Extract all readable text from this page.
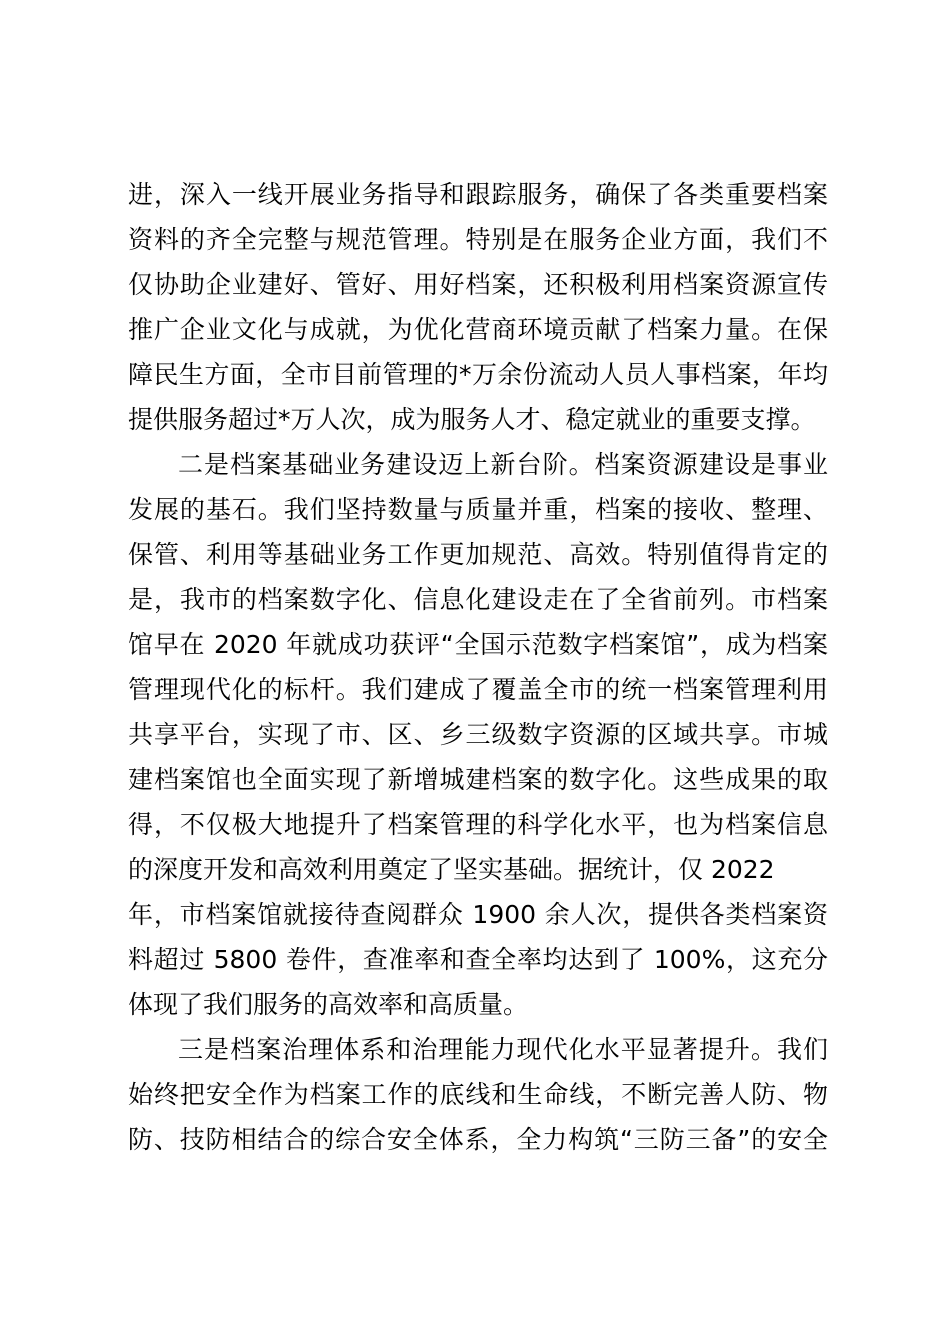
进，深入一线开展业务指导和跟踪服务，确保了各类重要档案
资料的齐全完整与规范管理。特别是在服务企业方面，我们不
仅协助企业建好、管好、用好档案，还积极利用档案资源宣传
推广企业文化与成就，为优化营商环境贡献了档案力量。在保
障民生方面，全市目前管理的*万余份流动人员人事档案，年均
提供服务超过*万人次，成为服务人才、稳定就业的重要支撑。
二是档案基础业务建设迈上新台阶。档案资源建设是事业
发展的基石。我们坚持数量与质量并重，档案的接收、整理、
保管、利用等基础业务工作更加规范、高效。特别值得肯定的
是，我市的档案数字化、信息化建设走在了全省前列。市档案
馆早在 2020 年就成功获评“全国示范数字档案馆”，成为档案
管理现代化的标杆。我们建成了覆盖全市的统一档案管理利用
共享平台，实现了市、区、乡三级数字资源的区域共享。市城
建档案馆也全面实现了新增城建档案的数字化。这些成果的取
得，不仅极大地提升了档案管理的科学化水平，也为档案信息
的深度开发和高效利用奠定了坚实基础。据统计，仅 2022
年，市档案馆就接待查阅群众 1900 余人次，提供各类档案资
料超过 5800 卷件，查准率和查全率均达到了 100%，这充分
体现了我们服务的高效率和高质量。
三是档案治理体系和治理能力现代化水平显著提升。我们
始终把安全作为档案工作的底线和生命线，不断完善人防、物
防、技防相结合的综合安全体系，全力构筑“三防三备”的安全
